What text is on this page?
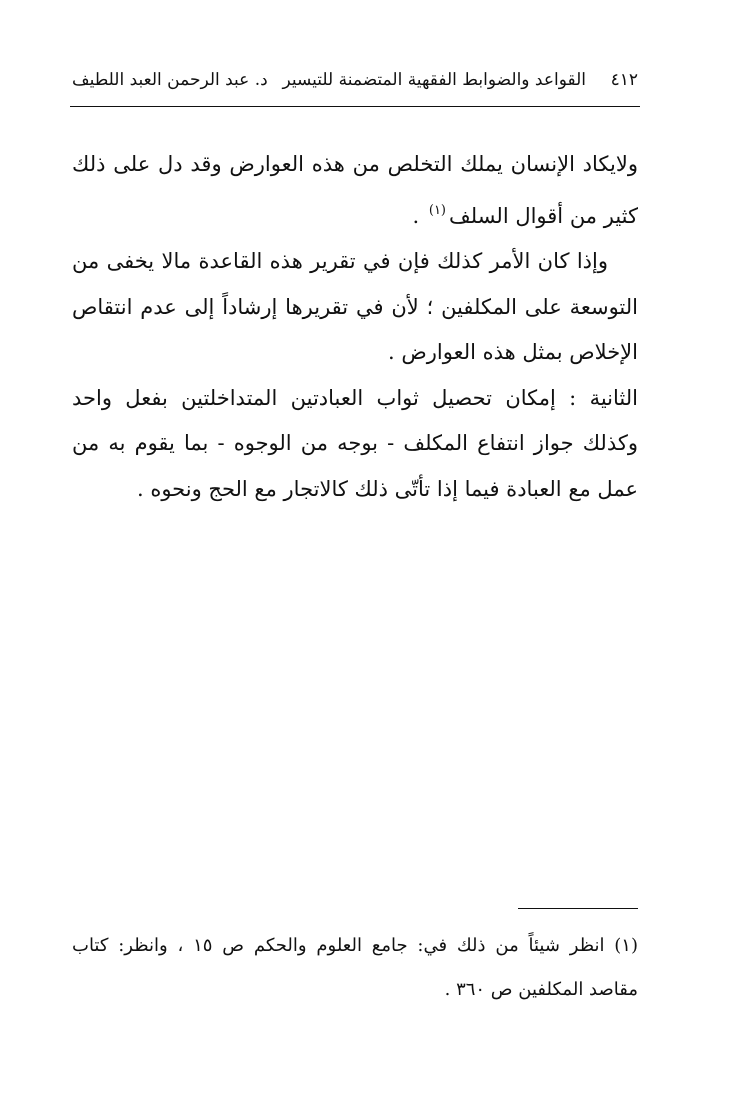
٤١٢
القواعد والضوابط الفقهية المتضمنة للتيسير
د. عبد الرحمن العبد اللطيف

ولايكاد الإنسان يملك التخلص من هذه العوارض وقد دل على ذلك كثير من أقوال السلف$^{(١)}$ .

وإذا كان الأمر كذلك فإن في تقرير هذه القاعدة مالا يخفى من التوسعة على المكلفين ؛ لأن في تقريرها إرشاداً إلى عدم انتقاص الإخلاص بمثل هذه العوارض .

الثانية : إمكان تحصيل ثواب العبادتين المتداخلتين بفعل واحد وكذلك جواز انتفاع المكلف - بوجه من الوجوه - بما يقوم به من عمل مع العبادة فيما إذا تأتّى ذلك كالاتجار مع الحج ونحوه .

(١) انظر شيئاً من ذلك في: جامع العلوم والحكم ص ١٥ ، وانظر: كتاب مقاصد المكلفين ص ٣٦٠ .
